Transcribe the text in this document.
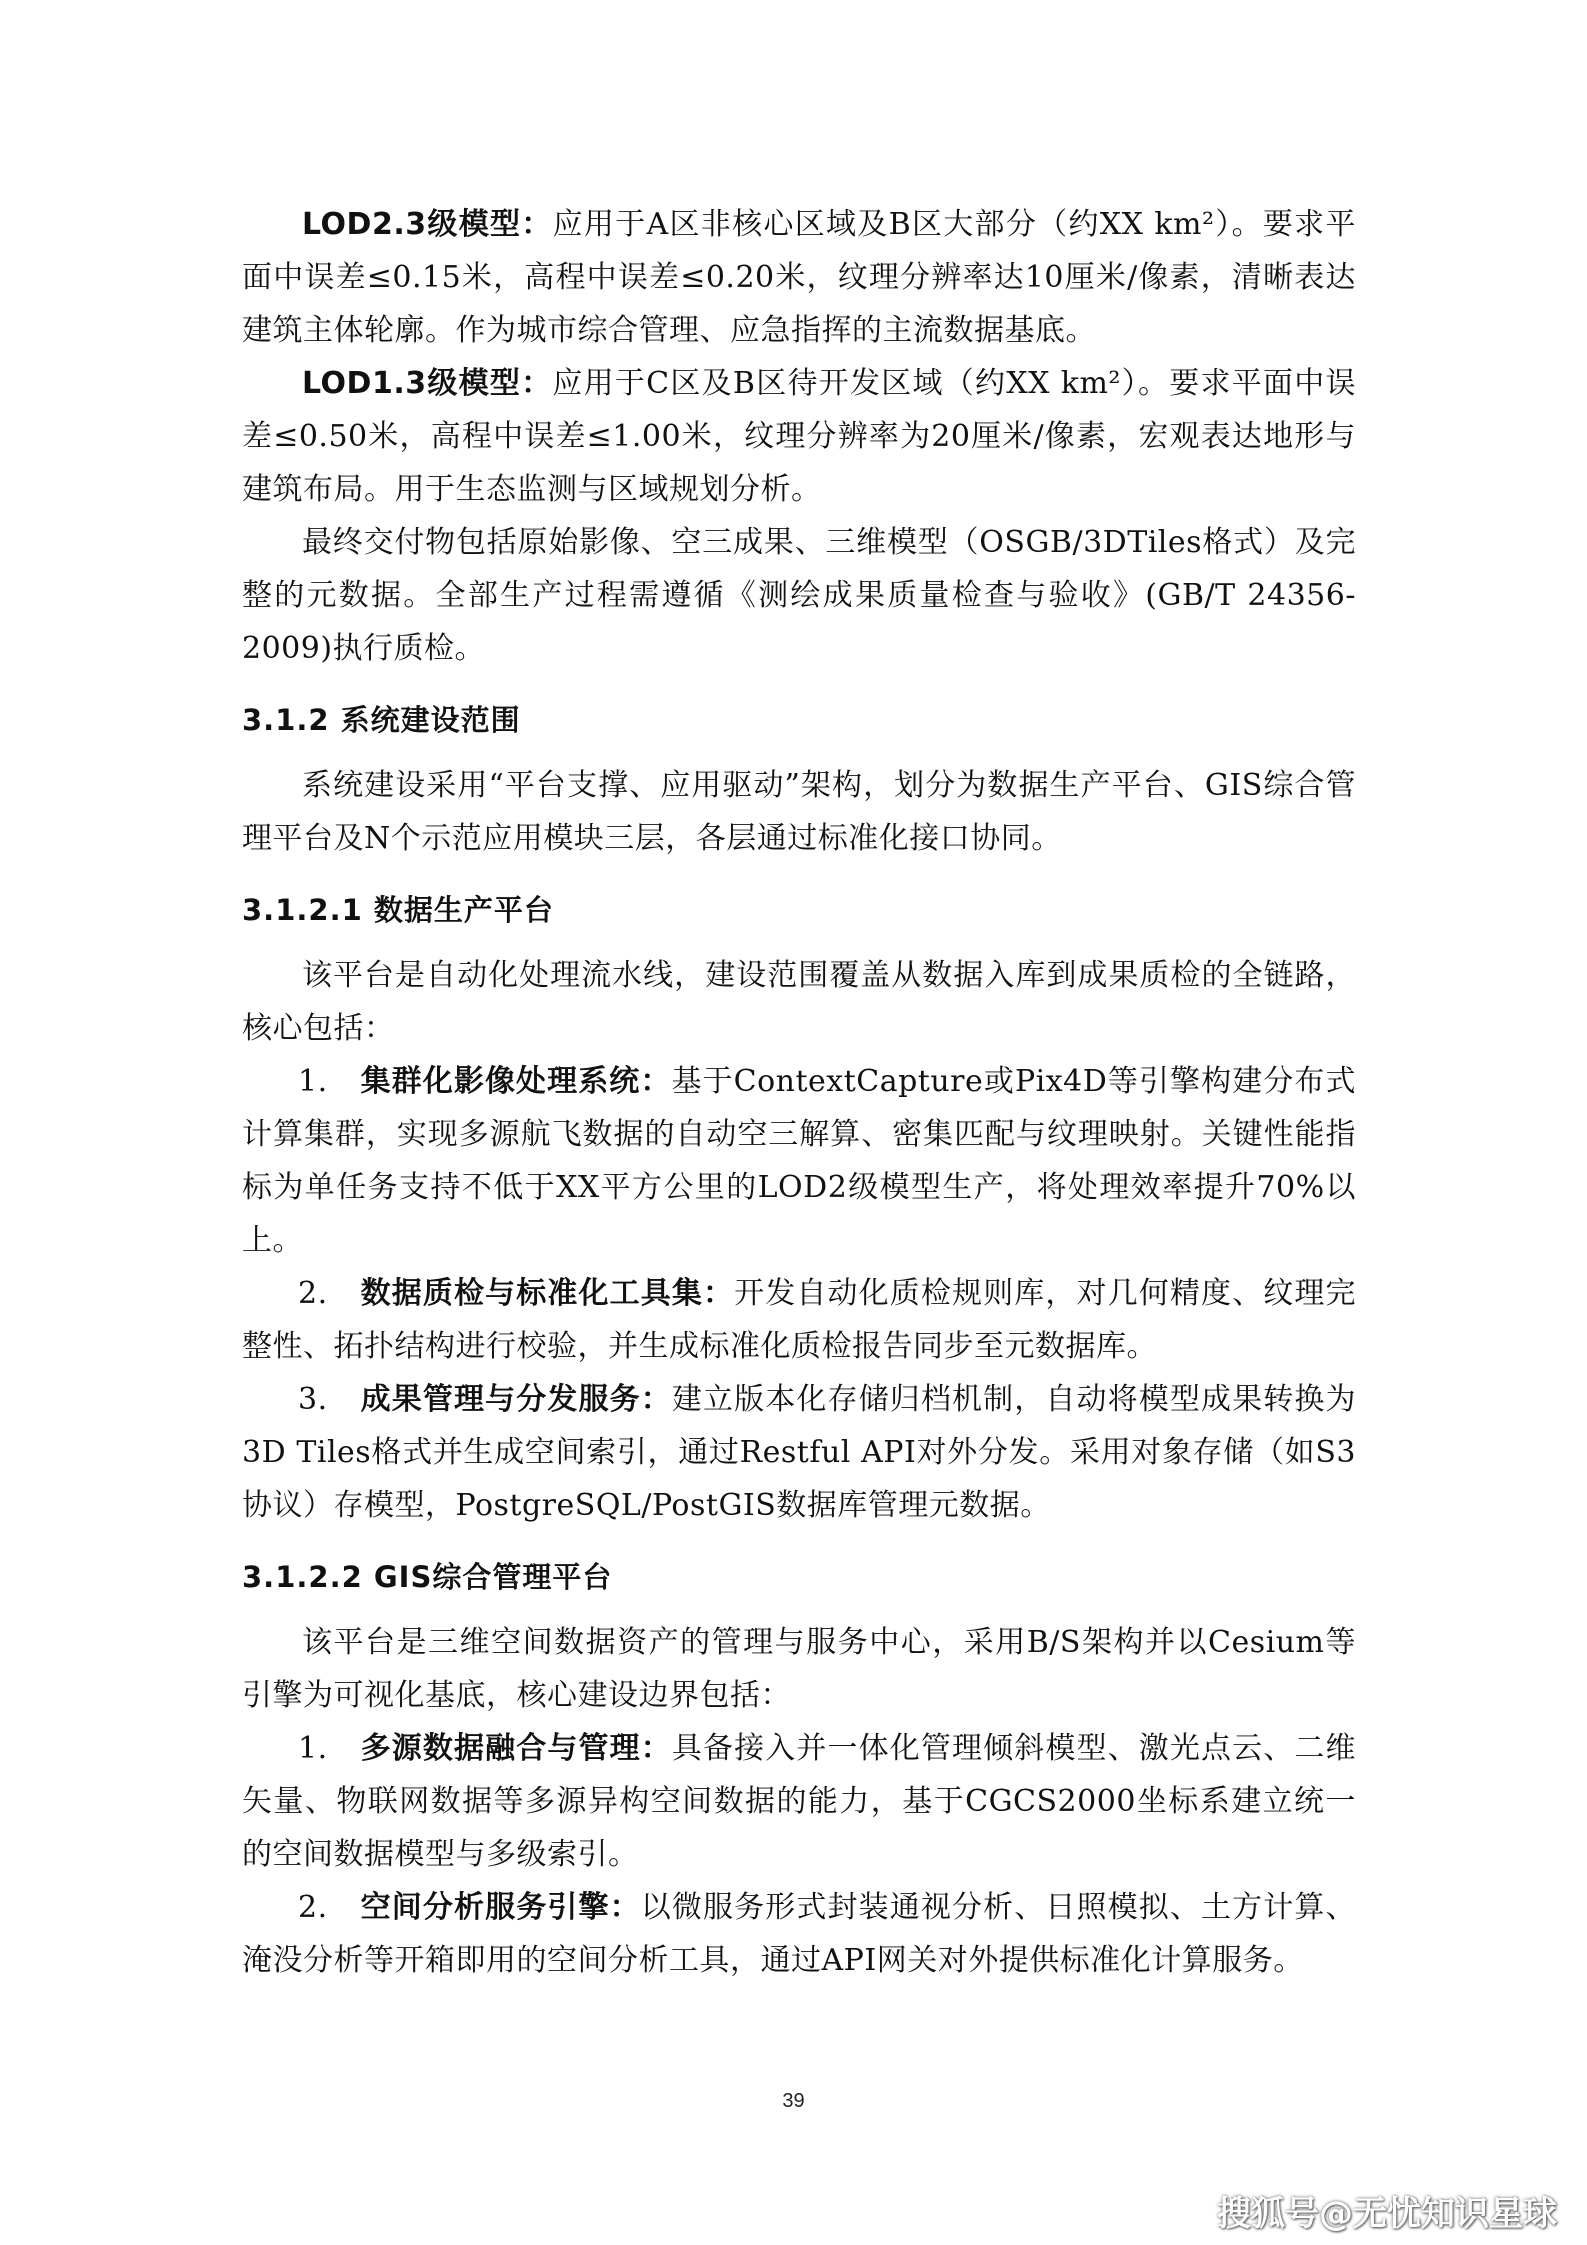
LOD2.3级模型：应用于A区非核心区域及B区大部分（约XX km²）。要求平面中误差≤0.15米，高程中误差≤0.20米，纹理分辨率达10厘米/像素，清晰表达建筑主体轮廓。作为城市综合管理、应急指挥的主流数据基底。

LOD1.3级模型：应用于C区及B区待开发区域（约XX km²）。要求平面中误差≤0.50米，高程中误差≤1.00米，纹理分辨率为20厘米/像素，宏观表达地形与建筑布局。用于生态监测与区域规划分析。

最终交付物包括原始影像、空三成果、三维模型（OSGB/3DTiles格式）及完整的元数据。全部生产过程需遵循《测绘成果质量检查与验收》(GB/T 24356-2009)执行质检。

3.1.2 系统建设范围

系统建设采用“平台支撑、应用驱动”架构，划分为数据生产平台、GIS综合管理平台及N个示范应用模块三层，各层通过标准化接口协同。

3.1.2.1 数据生产平台

该平台是自动化处理流水线，建设范围覆盖从数据入库到成果质检的全链路，核心包括：

1. 集群化影像处理系统：基于ContextCapture或Pix4D等引擎构建分布式计算集群，实现多源航飞数据的自动空三解算、密集匹配与纹理映射。关键性能指标为单任务支持不低于XX平方公里的LOD2级模型生产，将处理效率提升70%以上。

2. 数据质检与标准化工具集：开发自动化质检规则库，对几何精度、纹理完整性、拓扑结构进行校验，并生成标准化质检报告同步至元数据库。

3. 成果管理与分发服务：建立版本化存储归档机制，自动将模型成果转换为3D Tiles格式并生成空间索引，通过Restful API对外分发。采用对象存储（如S3协议）存模型，PostgreSQL/PostGIS数据库管理元数据。

3.1.2.2 GIS综合管理平台

该平台是三维空间数据资产的管理与服务中心，采用B/S架构并以Cesium等引擎为可视化基底，核心建设边界包括：

1. 多源数据融合与管理：具备接入并一体化管理倾斜模型、激光点云、二维矢量、物联网数据等多源异构空间数据的能力，基于CGCS2000坐标系建立统一的空间数据模型与多级索引。

2. 空间分析服务引擎：以微服务形式封装通视分析、日照模拟、土方计算、淹没分析等开箱即用的空间分析工具，通过API网关对外提供标准化计算服务。

39
搜狐号@无忧知识星球
